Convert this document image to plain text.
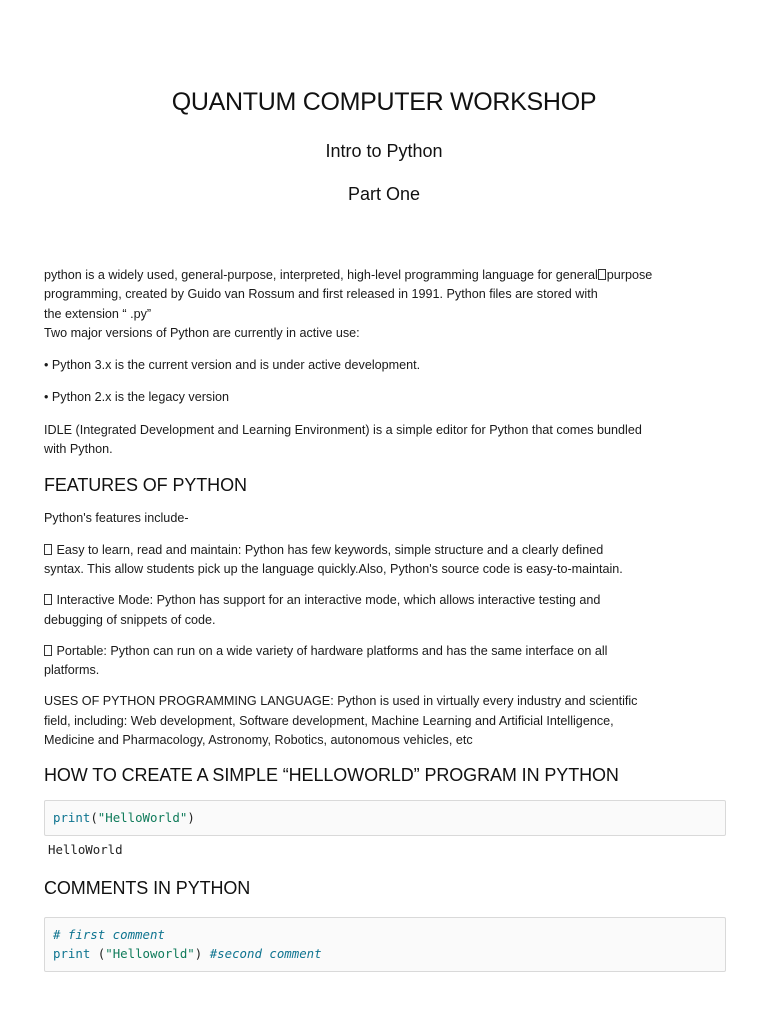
QUANTUM COMPUTER WORKSHOP
Intro to Python
Part One

python is a widely used, general-purpose, interpreted, high-level programming language for general purpose
programming, created by Guido van Rossum and first released in 1991. Python files are stored with
the extension “ .py”

Two major versions of Python are currently in active use:

• Python 3.x is the current version and is under active development.

• Python 2.x is the legacy version

IDLE (Integrated Development and Learning Environment) is a simple editor for Python that comes bundled
with Python.

FEATURES OF PYTHON

Python's features include-

Easy to learn, read and maintain: Python has few keywords, simple structure and a clearly defined
syntax. This allow students pick up the language quickly.Also, Python's source code is easy-to-maintain.

Interactive Mode: Python has support for an interactive mode, which allows interactive testing and
debugging of snippets of code.

Portable: Python can run on a wide variety of hardware platforms and has the same interface on all
platforms.

USES OF PYTHON PROGRAMMING LANGUAGE: Python is used in virtually every industry and scientific
field, including: Web development, Software development, Machine Learning and Artificial Intelligence,
Medicine and Pharmacology, Astronomy, Robotics, autonomous vehicles, etc

HOW TO CREATE A SIMPLE “HELLOWORLD” PROGRAM IN PYTHON
print("HelloWorld")
HelloWorld
COMMENTS IN PYTHON
# first comment
print ("Helloworld") #second comment
